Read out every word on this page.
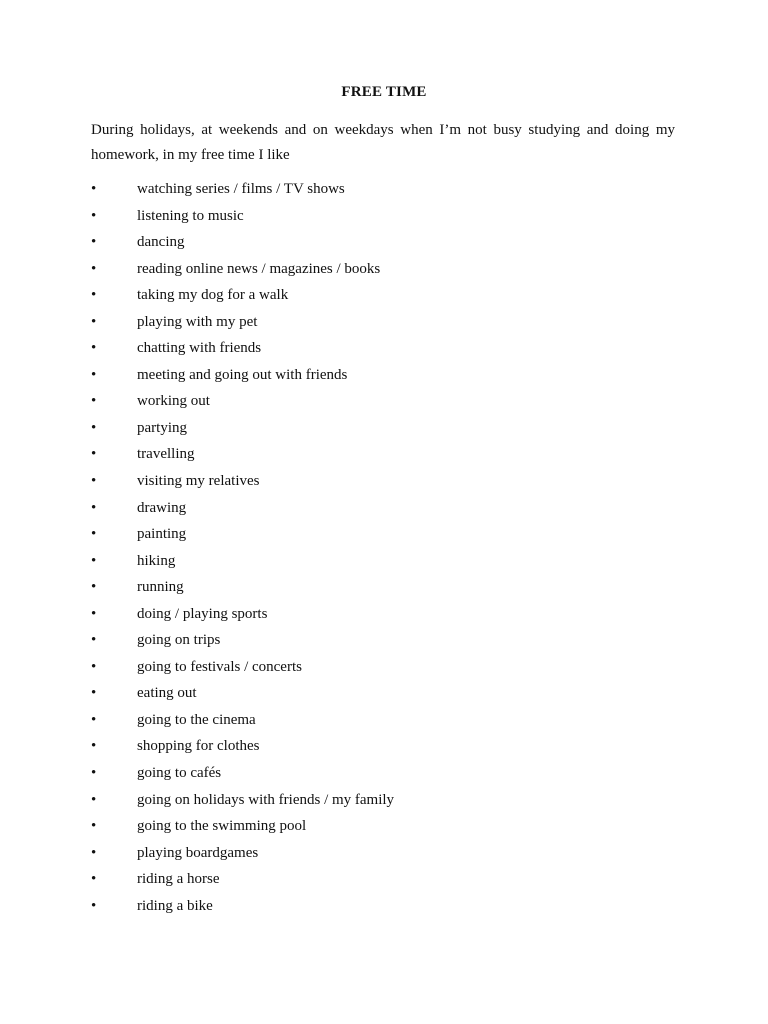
FREE TIME

During holidays, at weekends and on weekdays when I’m not busy studying and doing my homework, in my free time I like

•	watching series / films / TV shows
•	listening to music
•	dancing
•	reading online news / magazines / books
•	taking my dog for a walk
•	playing with my pet
•	chatting with friends
•	meeting and going out with friends
•	working out
•	partying
•	travelling
•	visiting my relatives
•	drawing
•	painting
•	hiking
•	running
•	doing / playing sports
•	going on trips
•	going to festivals / concerts
•	eating out
•	going to the cinema
•	shopping for clothes
•	going to cafés
•	going on holidays with friends / my family
•	going to the swimming pool
•	playing boardgames
•	riding a horse
•	riding a bike
